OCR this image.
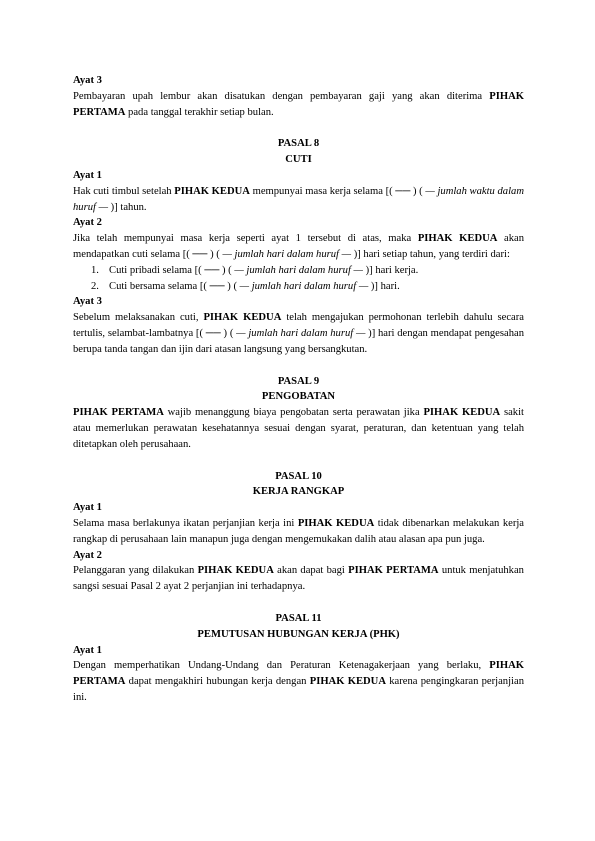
Ayat 3

Pembayaran upah lembur akan disatukan dengan pembayaran gaji yang akan diterima PIHAK PERTAMA pada tanggal terakhir setiap bulan.

PASAL 8

CUTI

Ayat 1

Hak cuti timbul setelah PIHAK KEDUA mempunyai masa kerja selama [( ── ) ( — jumlah waktu dalam huruf — )] tahun.

Ayat 2

Jika telah mempunyai masa kerja seperti ayat 1 tersebut di atas, maka PIHAK KEDUA akan mendapatkan cuti selama [( ── ) ( — jumlah hari dalam huruf — )] hari setiap tahun, yang terdiri dari:

1. Cuti pribadi selama [( ── ) ( — jumlah hari dalam huruf — )] hari kerja.
2. Cuti bersama selama [( ── ) ( — jumlah hari dalam huruf — )] hari.

Ayat 3

Sebelum melaksanakan cuti, PIHAK KEDUA telah mengajukan permohonan terlebih dahulu secara tertulis, selambat-lambatnya [( ── ) ( — jumlah hari dalam huruf — )] hari dengan mendapat pengesahan berupa tanda tangan dan ijin dari atasan langsung yang bersangkutan.

PASAL 9

PENGOBATAN

PIHAK PERTAMA wajib menanggung biaya pengobatan serta perawatan jika PIHAK KEDUA sakit atau memerlukan perawatan kesehatannya sesuai dengan syarat, peraturan, dan ketentuan yang telah ditetapkan oleh perusahaan.

PASAL 10

KERJA RANGKAP

Ayat 1

Selama masa berlakunya ikatan perjanjian kerja ini PIHAK KEDUA tidak dibenarkan melakukan kerja rangkap di perusahaan lain manapun juga dengan mengemukakan dalih atau alasan apa pun juga.

Ayat 2

Pelanggaran yang dilakukan PIHAK KEDUA akan dapat bagi PIHAK PERTAMA untuk menjatuhkan sangsi sesuai Pasal 2 ayat 2 perjanjian ini terhadapnya.

PASAL 11

PEMUTUSAN HUBUNGAN KERJA (PHK)

Ayat 1

Dengan memperhatikan Undang-Undang dan Peraturan Ketenagakerjaan yang berlaku, PIHAK PERTAMA dapat mengakhiri hubungan kerja dengan PIHAK KEDUA karena pengingkaran perjanjian ini.
